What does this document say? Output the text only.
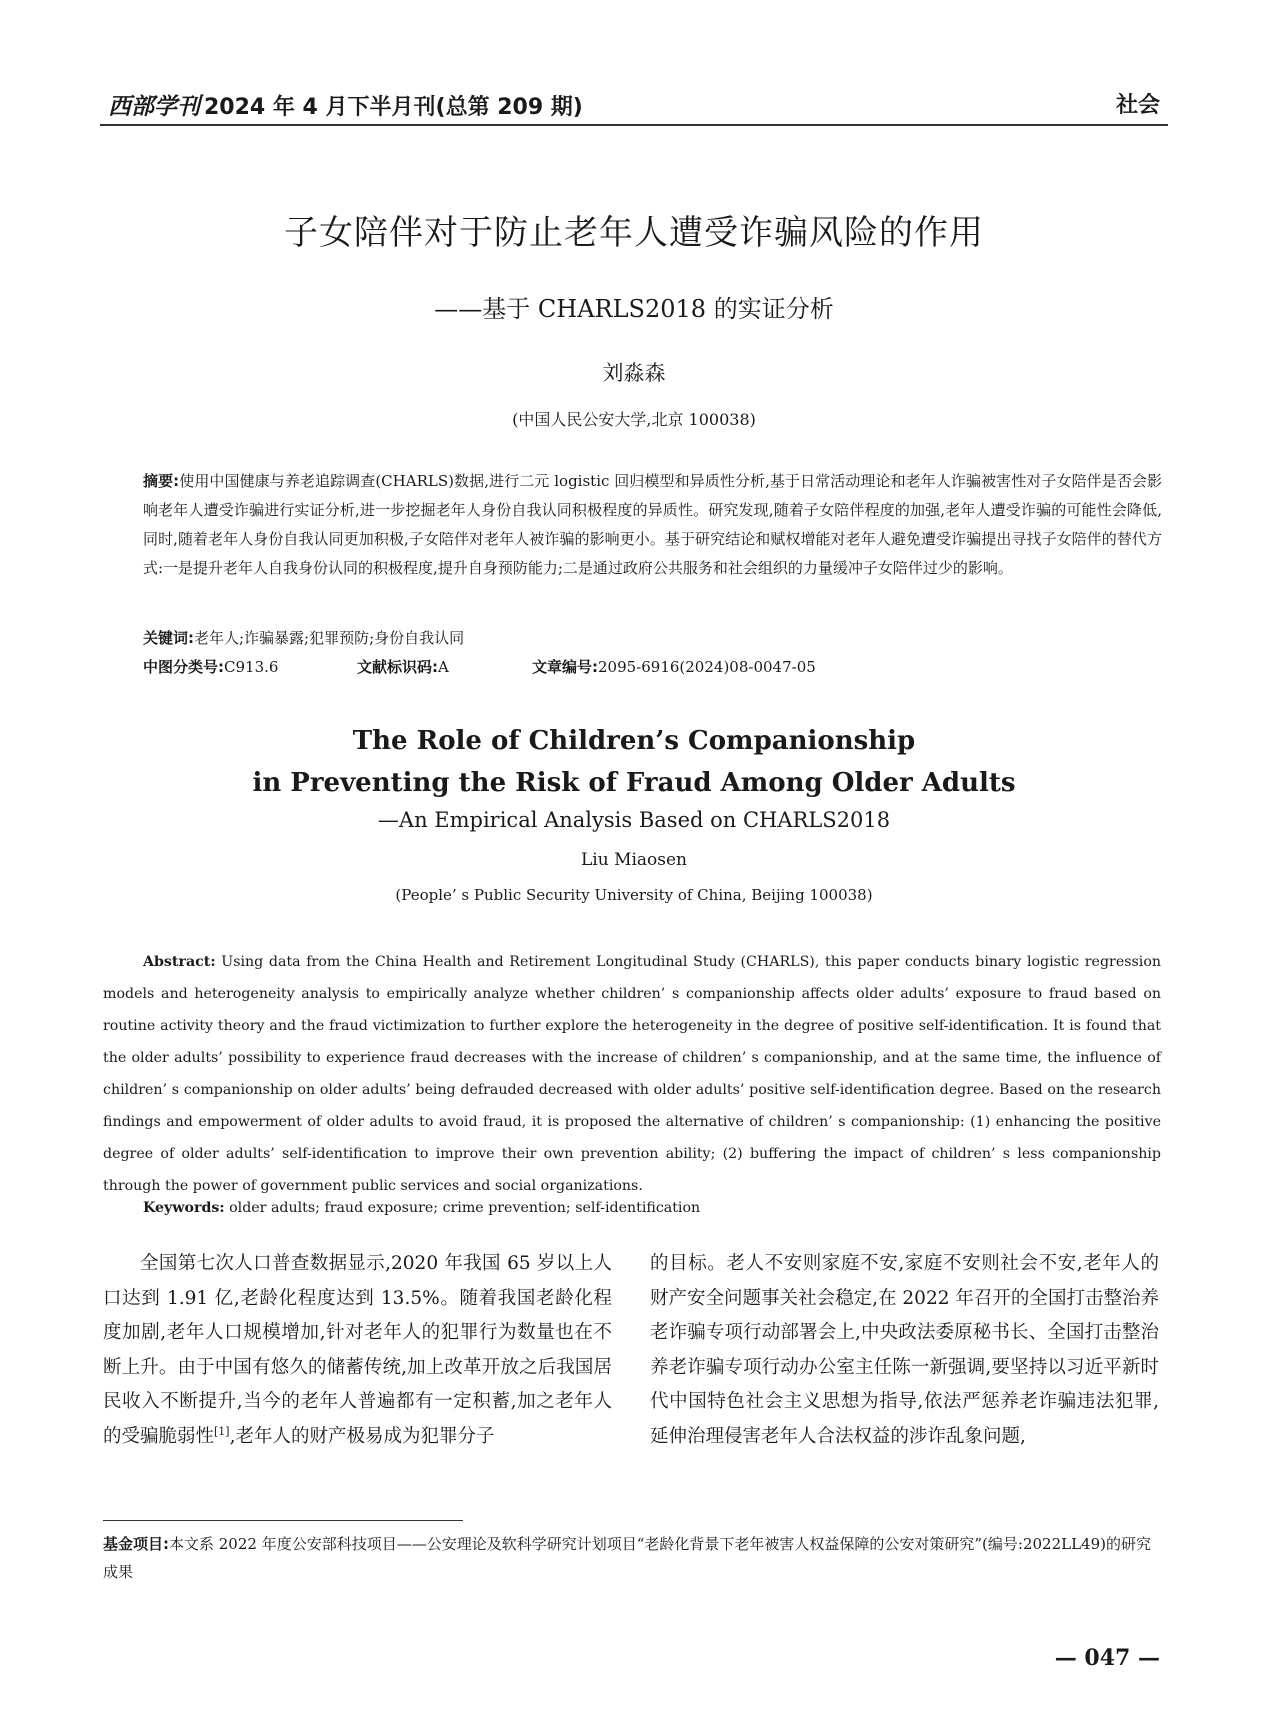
西部学刊 2024 年 4 月下半月刊(总第 209 期)	社会
子女陪伴对于防止老年人遭受诈骗风险的作用
——基于 CHARLS2018 的实证分析
刘淼森
(中国人民公安大学,北京 100038)
摘要:使用中国健康与养老追踪调查(CHARLS)数据,进行二元 logistic 回归模型和异质性分析,基于日常活动理论和老年人诈骗被害性对子女陪伴是否会影响老年人遭受诈骗进行实证分析,进一步挖掘老年人身份自我认同积极程度的异质性。研究发现,随着子女陪伴程度的加强,老年人遭受诈骗的可能性会降低,同时,随着老年人身份自我认同更加积极,子女陪伴对老年人被诈骗的影响更小。基于研究结论和赋权增能对老年人避免遭受诈骗提出寻找子女陪伴的替代方式:一是提升老年人自我身份认同的积极程度,提升自身预防能力;二是通过政府公共服务和社会组织的力量缓冲子女陪伴过少的影响。
关键词:老年人;诈骗暴露;犯罪预防;身份自我认同
中图分类号:C913.6	文献标识码:A	文章编号:2095-6916(2024)08-0047-05
The Role of Children’s Companionship
in Preventing the Risk of Fraud Among Older Adults
—An Empirical Analysis Based on CHARLS2018
Liu Miaosen
(People’ s Public Security University of China, Beijing 100038)
Abstract: Using data from the China Health and Retirement Longitudinal Study (CHARLS), this paper conducts binary logistic regression models and heterogeneity analysis to empirically analyze whether children’ s companionship affects older adults’ exposure to fraud based on routine activity theory and the fraud victimization to further explore the heterogeneity in the degree of positive self-identification. It is found that the older adults’ possibility to experience fraud decreases with the increase of children’ s companionship, and at the same time, the influence of children’ s companionship on older adults’ being defrauded decreased with older adults’ positive self-identification degree. Based on the research findings and empowerment of older adults to avoid fraud, it is proposed the alternative of children’ s companionship: (1) enhancing the positive degree of older adults’ self-identification to improve their own prevention ability; (2) buffering the impact of children’ s less companionship through the power of government public services and social organizations.
Keywords: older adults; fraud exposure; crime prevention; self-identification
全国第七次人口普查数据显示,2020 年我国 65 岁以上人口达到 1.91 亿,老龄化程度达到 13.5%。随着我国老龄化程度加剧,老年人口规模增加,针对老年人的犯罪行为数量也在不断上升。由于中国有悠久的储蓄传统,加上改革开放之后我国居民收入不断提升,当今的老年人普遍都有一定积蓄,加之老年人的受骗脆弱性[1],老年人的财产极易成为犯罪分子
的目标。老人不安则家庭不安,家庭不安则社会不安,老年人的财产安全问题事关社会稳定,在 2022 年召开的全国打击整治养老诈骗专项行动部署会上,中央政法委原秘书长、全国打击整治养老诈骗专项行动办公室主任陈一新强调,要坚持以习近平新时代中国特色社会主义思想为指导,依法严惩养老诈骗违法犯罪,延伸治理侵害老年人合法权益的涉诈乱象问题,
基金项目:本文系 2022 年度公安部科技项目——公安理论及软科学研究计划项目“老龄化背景下老年被害人权益保障的公安对策研究”(编号:2022LL49)的研究成果
— 047 —
